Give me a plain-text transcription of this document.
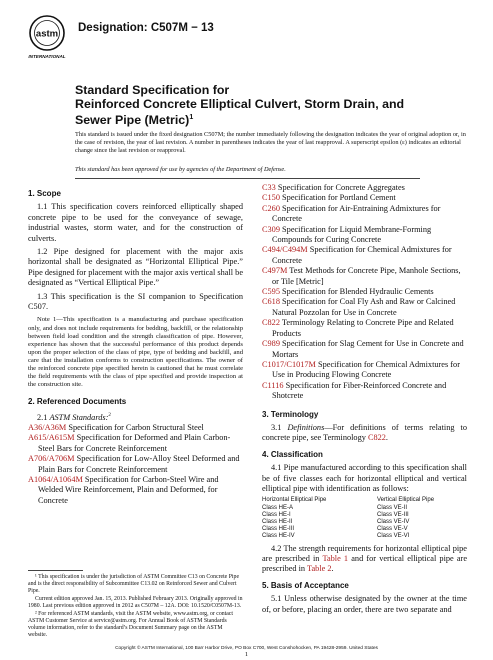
astm
INTERNATIONAL
Designation: C507M − 13
Standard Specification for
Reinforced Concrete Elliptical Culvert, Storm Drain, and
Sewer Pipe (Metric)$^1$
This standard is issued under the fixed designation C507M; the number immediately following the designation indicates the year of original adoption or, in the case of revision, the year of last revision. A number in parentheses indicates the year of last reapproval. A superscript epsilon (ε) indicates an editorial change since the last revision or reapproval.
This standard has been approved for use by agencies of the Department of Defense.

1. Scope

1.1 This specification covers reinforced elliptically shaped concrete pipe to be used for the conveyance of sewage, industrial wastes, storm water, and for the construction of culverts.

1.2 Pipe designed for placement with the major axis horizontal shall be designated as “Horizontal Elliptical Pipe.” Pipe designed for placement with the major axis vertical shall be designated as “Vertical Elliptical Pipe.”

1.3 This specification is the SI companion to Specification C507.

Note 1—This specification is a manufacturing and purchase specification only, and does not include requirements for bedding, backfill, or the relationship between field load condition and the strength classification of pipe. However, experience has shown that the successful performance of this product depends upon the proper selection of the class of pipe, type of bedding and backfill, and care that the installation conforms to construction specifications. The owner of the reinforced concrete pipe specified herein is cautioned that he must correlate the field requirements with the class of pipe specified and provide inspection at the construction site.

2. Referenced Documents

2.1 ASTM Standards:$^2$

A36/A36M Specification for Carbon Structural Steel

A615/A615M Specification for Deformed and Plain Carbon-Steel Bars for Concrete Reinforcement

A706/A706M Specification for Low-Alloy Steel Deformed and Plain Bars for Concrete Reinforcement

A1064/A1064M Specification for Carbon-Steel Wire and Welded Wire Reinforcement, Plain and Deformed, for Concrete

¹ This specification is under the jurisdiction of ASTM Committee C13 on Concrete Pipe and is the direct responsibility of Subcommittee C13.02 on Reinforced Sewer and Culvert Pipe.

Current edition approved Jan. 15, 2013. Published February 2013. Originally approved in 1980. Last previous edition approved in 2012 as C507M – 12A. DOI: 10.1520/C0507M-13.

² For referenced ASTM standards, visit the ASTM website, www.astm.org, or contact ASTM Customer Service at service@astm.org. For Annual Book of ASTM Standards volume information, refer to the standard’s Document Summary page on the ASTM website.

C33 Specification for Concrete Aggregates

C150 Specification for Portland Cement

C260 Specification for Air-Entraining Admixtures for Concrete

C309 Specification for Liquid Membrane-Forming Compounds for Curing Concrete

C494/C494M Specification for Chemical Admixtures for Concrete

C497M Test Methods for Concrete Pipe, Manhole Sections, or Tile [Metric]

C595 Specification for Blended Hydraulic Cements

C618 Specification for Coal Fly Ash and Raw or Calcined Natural Pozzolan for Use in Concrete

C822 Terminology Relating to Concrete Pipe and Related Products

C989 Specification for Slag Cement for Use in Concrete and Mortars

C1017/C1017M Specification for Chemical Admixtures for Use in Producing Flowing Concrete

C1116 Specification for Fiber-Reinforced Concrete and Shotcrete

3. Terminology

3.1 Definitions—For definitions of terms relating to concrete pipe, see Terminology C822.

4. Classification

4.1 Pipe manufactured according to this specification shall be of five classes each for horizontal elliptical and vertical elliptical pipe with identification as follows:

Horizontal Elliptical Pipe	Vertical Elliptical Pipe
Class HE-A	Class VE-II
Class HE-I	Class VE-III
Class HE-II	Class VE-IV
Class HE-III	Class VE-V
Class HE-IV	Class VE-VI

4.2 The strength requirements for horizontal elliptical pipe are prescribed in Table 1 and for vertical elliptical pipe are prescribed in Table 2.

5. Basis of Acceptance

5.1 Unless otherwise designated by the owner at the time of, or before, placing an order, there are two separate and

Copyright © ASTM International, 100 Barr Harbor Drive, PO Box C700, West Conshohocken, PA 19428-2959. United States
1
